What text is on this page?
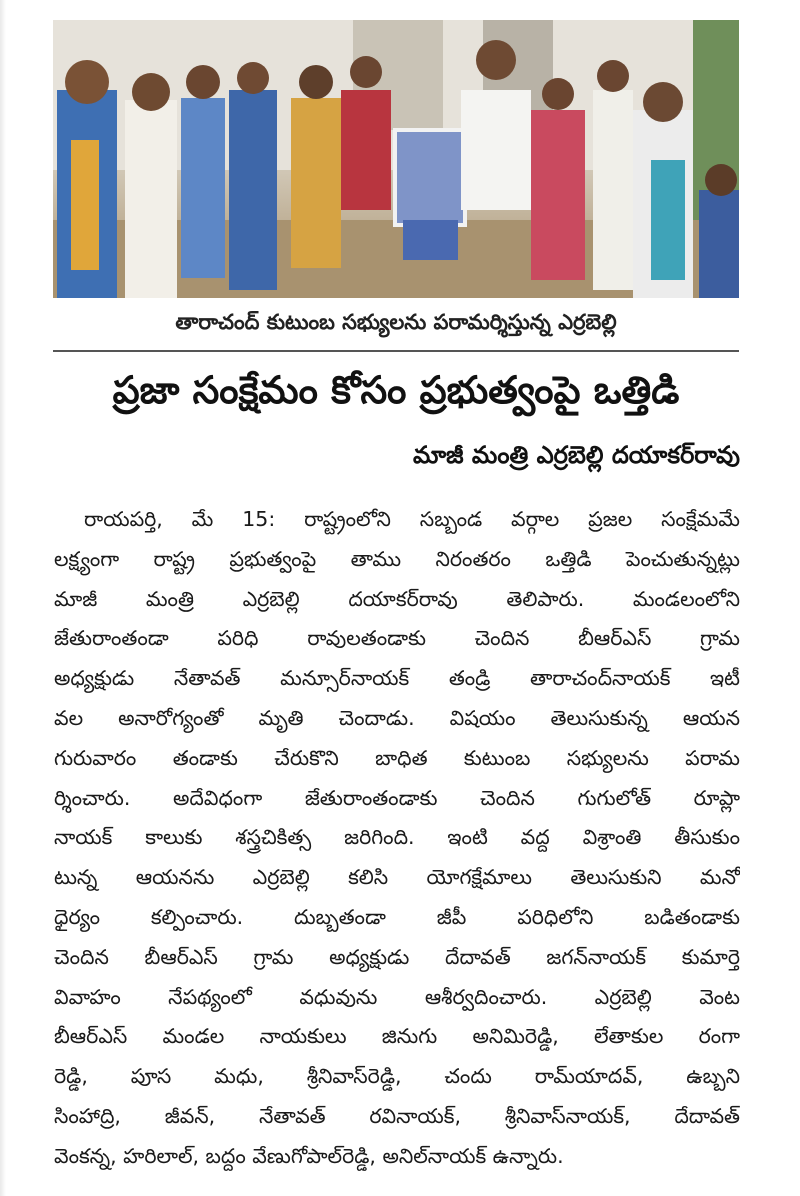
తారాచంద్ కుటుంబ సభ్యులను పరామర్శిస్తున్న ఎర్రబెల్లి
ప్రజా సంక్షేమం కోసం ప్రభుత్వంపై ఒత్తిడి
మాజీ మంత్రి ఎర్రబెల్లి దయాకర్‌రావు
రాయపర్తి, మే 15: రాష్ట్రంలోని సబ్బండ వర్గాల ప్రజల సంక్షేమమే
లక్ష్యంగా రాష్ట్ర ప్రభుత్వంపై తాము నిరంతరం ఒత్తిడి పెంచుతున్నట్లు
మాజీ మంత్రి ఎర్రబెల్లి దయాకర్‌రావు తెలిపారు. మండలంలోని
జేతురాంతండా పరిధి రావులతండాకు చెందిన బీఆర్‌ఎస్ గ్రామ
అధ్యక్షుడు నేతావత్ మన్సూర్‌నాయక్ తండ్రి తారాచంద్‌నాయక్ ఇటీ
వల అనారోగ్యంతో మృతి చెందాడు. విషయం తెలుసుకున్న ఆయన
గురువారం తండాకు చేరుకొని బాధిత కుటుంబ సభ్యులను పరామ
ర్శించారు. అదేవిధంగా జేతురాంతండాకు చెందిన గుగులోత్ రూప్లా
నాయక్ కాలుకు శస్త్రచికిత్స జరిగింది. ఇంటి వద్ద విశ్రాంతి తీసుకుం
టున్న ఆయనను ఎర్రబెల్లి కలిసి యోగక్షేమాలు తెలుసుకుని మనో
ధైర్యం కల్పించారు. దుబ్బతండా జీపీ పరిధిలోని బడితండాకు
చెందిన బీఆర్‌ఎస్ గ్రామ అధ్యక్షుడు దేదావత్ జగన్‌నాయక్ కుమార్తె
వివాహం నేపథ్యంలో వధువును ఆశీర్వదించారు. ఎర్రబెల్లి వెంట
బీఆర్‌ఎస్ మండల నాయకులు జినుగు అనిమిరెడ్డి, లేతాకుల రంగా
రెడ్డి, పూస మధు, శ్రీనివాస్‌రెడ్డి, చందు రామ్‌యాదవ్, ఉబ్బని
సింహాద్రి, జీవన్, నేతావత్ రవినాయక్, శ్రీనివాస్‌నాయక్, దేదావత్
వెంకన్న, హరిలాల్, బద్దం వేణుగోపాల్‌రెడ్డి, అనిల్‌నాయక్ ఉన్నారు.
